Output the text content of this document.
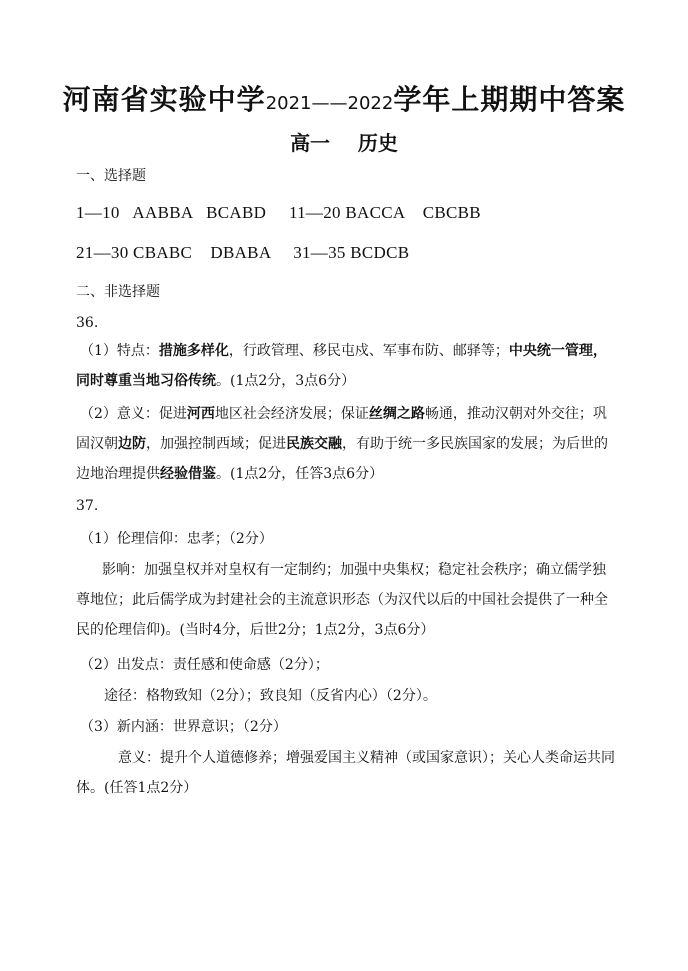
河南省实验中学2021——2022学年上期期中答案
高一    历史
一、选择题
1—10   AABBA   BCABD     11—20 BACCA    CBCBB
21—30 CBABC    DBABA     31—35 BCDCB
二、非选择题
36.
（1）特点：措施多样化，行政管理、移民屯戍、军事布防、邮驿等；中央统一管理，同时尊重当地习俗传统。(1点2分，3点6分）
（2）意义：促进河西地区社会经济发展；保证丝绸之路畅通，推动汉朝对外交往；巩固汉朝边防，加强控制西域；促进民族交融，有助于统一多民族国家的发展；为后世的边地治理提供经验借鉴。(1点2分，任答3点6分）
37.
（1）伦理信仰：忠孝；（2分）
影响：加强皇权并对皇权有一定制约；加强中央集权；稳定社会秩序；确立儒学独尊地位；此后儒学成为封建社会的主流意识形态（为汉代以后的中国社会提供了一种全民的伦理信仰)。(当时4分，后世2分；1点2分，3点6分）
（2）出发点：责任感和使命感（2分）；
途径：格物致知（2分）；致良知（反省内心）（2分）。
（3）新内涵：世界意识；（2分）
意义：提升个人道德修养；增强爱国主义精神（或国家意识）；关心人类命运共同体。(任答1点2分）
